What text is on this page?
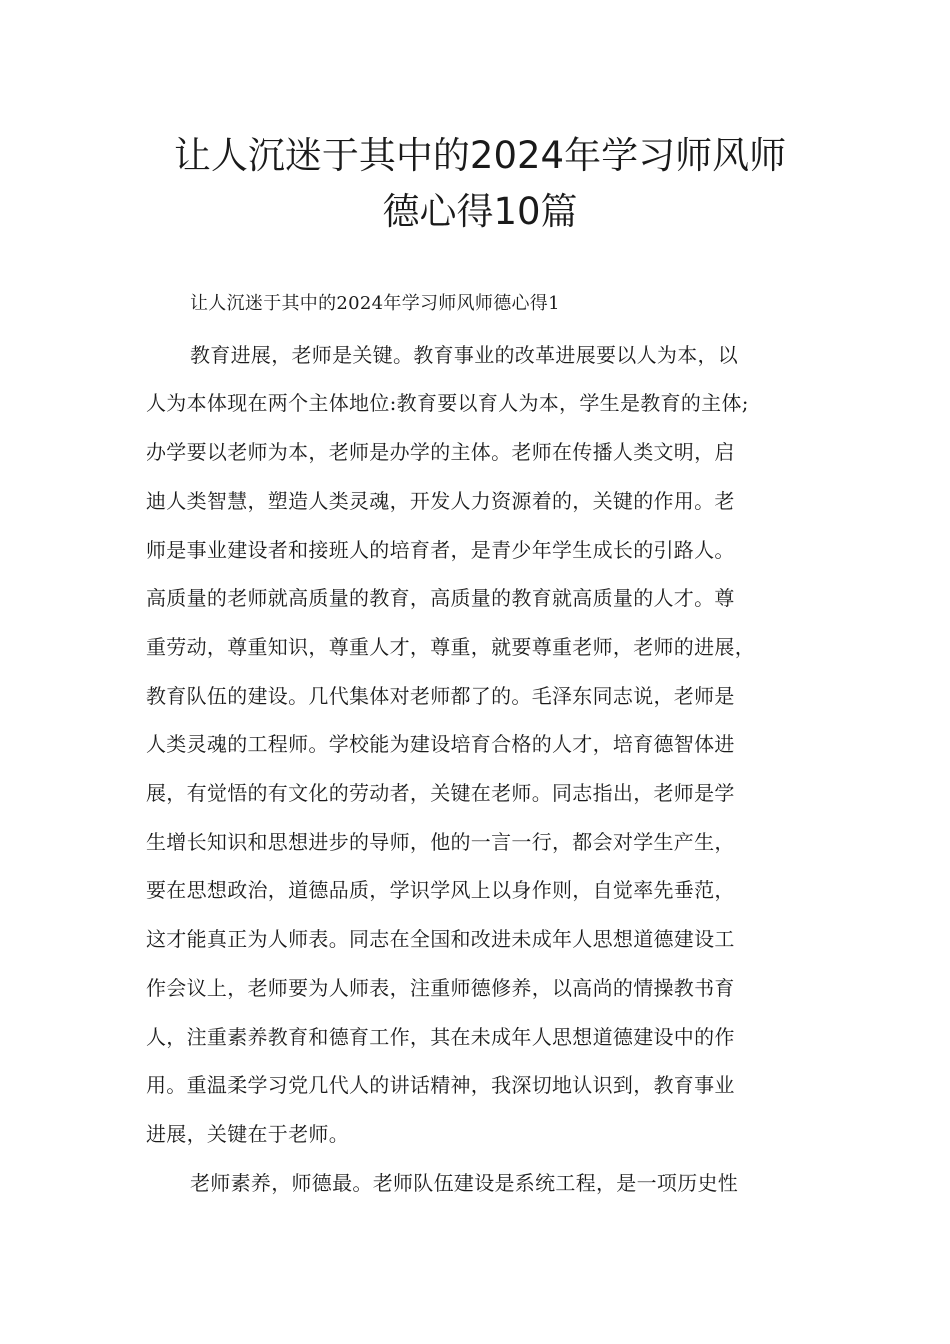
让人沉迷于其中的2024年学习师风师
德心得10篇
让人沉迷于其中的2024年学习师风师德心得1
教育进展，老师是关键。教育事业的改革进展要以人为本，以
人为本体现在两个主体地位:教育要以育人为本，学生是教育的主体;
办学要以老师为本，老师是办学的主体。老师在传播人类文明，启
迪人类智慧，塑造人类灵魂，开发人力资源着的，关键的作用。老
师是事业建设者和接班人的培育者，是青少年学生成长的引路人。
高质量的老师就高质量的教育，高质量的教育就高质量的人才。尊
重劳动，尊重知识，尊重人才，尊重，就要尊重老师，老师的进展，
教育队伍的建设。几代集体对老师都了的。毛泽东同志说，老师是
人类灵魂的工程师。学校能为建设培育合格的人才，培育德智体进
展，有觉悟的有文化的劳动者，关键在老师。同志指出，老师是学
生增长知识和思想进步的导师，他的一言一行，都会对学生产生，
要在思想政治，道德品质，学识学风上以身作则，自觉率先垂范，
这才能真正为人师表。同志在全国和改进未成年人思想道德建设工
作会议上，老师要为人师表，注重师德修养，以高尚的情操教书育
人，注重素养教育和德育工作，其在未成年人思想道德建设中的作
用。重温柔学习党几代人的讲话精神，我深切地认识到，教育事业
进展，关键在于老师。
老师素养，师德最。老师队伍建设是系统工程，是一项历史性
